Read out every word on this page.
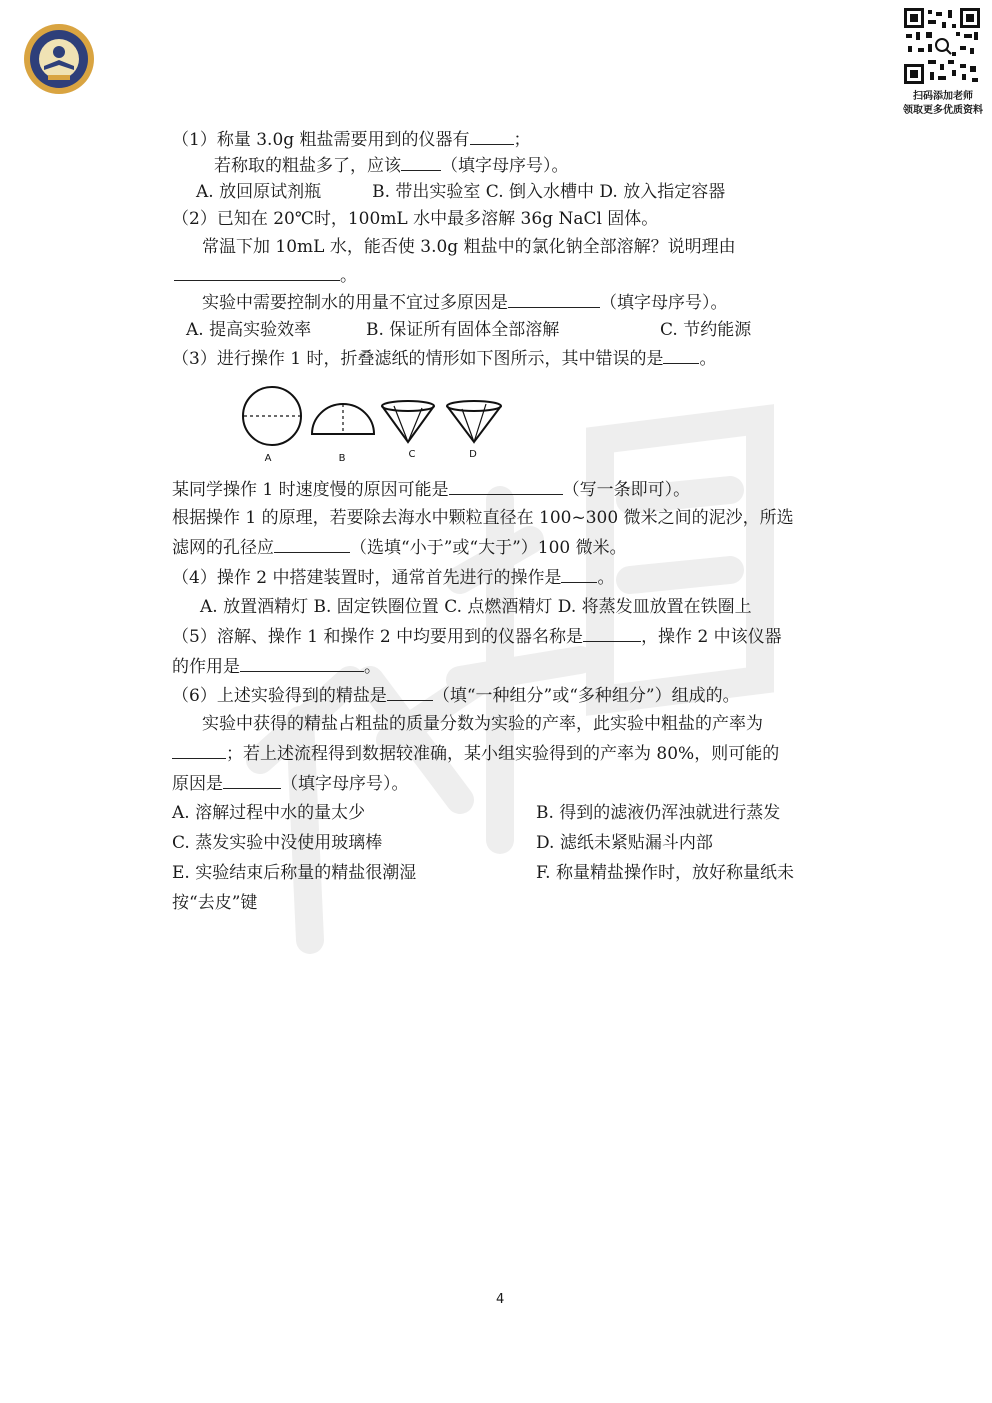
扫码添加老师
领取更多优质资料
（1）称量 3.0g 粗盐需要用到的仪器有	；
若称取的粗盐多了，应该 （填字母序号）。
A. 放回原试剂瓶　　　B. 带出实验室 C. 倒入水槽中 D. 放入指定容器
（2）已知在 20℃时，100mL 水中最多溶解 36g NaCl 固体。
常温下加 10mL 水，能否使 3.0g 粗盐中的氯化钠全部溶解？说明理由
。
实验中需要控制水的用量不宜过多原因是	（填字母序号）。
A. 提高实验效率	B. 保证所有固体全部溶解	C. 节约能源
（3）进行操作 1 时，折叠滤纸的情形如下图所示，其中错误的是 。
A	B	C	D
某同学操作 1 时速度慢的原因可能是	（写一条即可）。
根据操作 1 的原理，若要除去海水中颗粒直径在 100~300 微米之间的泥沙，所选
滤网的孔径应	（选填“小于”或“大于”）100 微米。
（4）操作 2 中搭建装置时，通常首先进行的操作是 。
A. 放置酒精灯 B. 固定铁圈位置 C. 点燃酒精灯 D. 将蒸发皿放置在铁圈上
（5）溶解、操作 1 和操作 2 中均要用到的仪器名称是	，操作 2 中该仪器
的作用是	。
（6）上述实验得到的精盐是	（填“一种组分”或“多种组分”）组成的。
实验中获得的精盐占粗盐的质量分数为实验的产率，此实验中粗盐的产率为
；若上述流程得到数据较准确，某小组实验得到的产率为 80%，则可能的
原因是	（填字母序号）。
A. 溶解过程中水的量太少	B. 得到的滤液仍浑浊就进行蒸发
C. 蒸发实验中没使用玻璃棒	D. 滤纸未紧贴漏斗内部
E. 实验结束后称量的精盐很潮湿	F. 称量精盐操作时，放好称量纸未
按“去皮”键
4
